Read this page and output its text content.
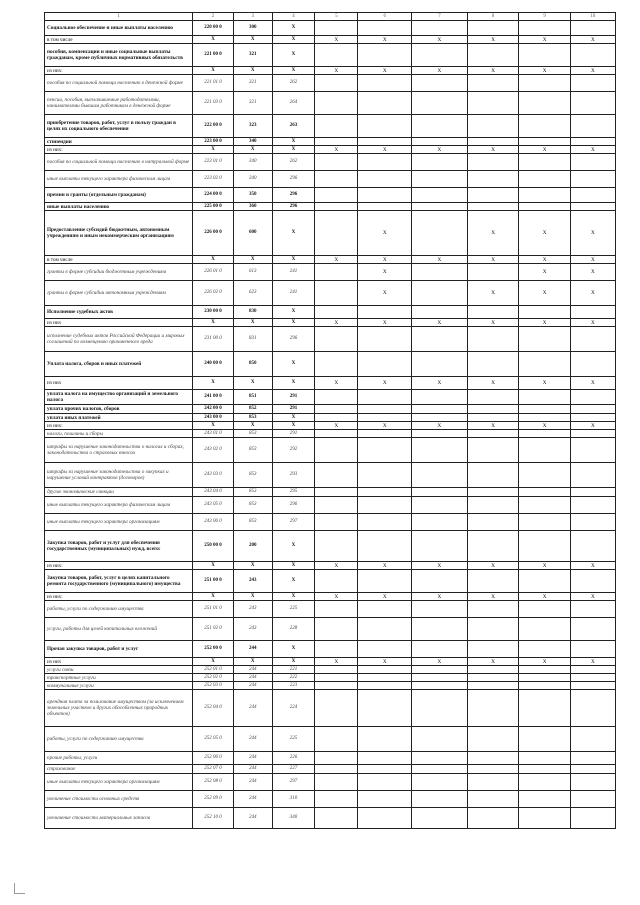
1	2	3	4	5	6	7	8	9	10
Социальное обеспечение и иные выплаты населению	220 00 0	300	X						
в том числе	X	X	X	X	X	X	X	X	X
пособия, компенсации и иные социальные выплаты гражданам, кроме публичных нормативных обязательств	221 00 0	321	X						
из них:	X	X	X	X	X	X	X	X	X
пособия по социальной помощи населению в денежной форме	221 01 0	321	262						
пенсии, пособия, выплачиваемые работодателями, нанимателями бывшим работникам в денежной форме	221 03 0	321	264						
приобретение товаров, работ, услуг в пользу граждан в целях их социального обеспечения	222 00 0	323	263						
стипендии	223 00 0	340	X						
из них:	X	X	X	X	X	X	X	X	X
пособия по социальной помощи населению в натуральной форме	223 01 0	340	262						
иные выплаты текущего характера физическим лицам	223 02 0	340	296						
премии и гранты (отдельным гражданам)	224 00 0	350	296						
иные выплаты населению	225 00 0	360	296						
Предоставление субсидий бюджетным, автономным учреждениям и иным некоммерческим организациям	226 00 0	600	X		X		X	X	X
в том числе	X	X	X	X	X	X	X	X	X
гранты в форме субсидии бюджетным учреждениям	226 01 0	613	241		X			X	X
гранты в форме субсидии автономным учреждениям	226 02 0	623	241		X		X	X	X
Исполнение судебных актов	230 00 0	830	X						
из них	X	X	X	X	X	X	X	X	X
исполнение судебных актов Российской Федерации и мировых соглашений по возмещению причиненного вреда	231 00 0	831	296						
Уплата налога, сборов и иных платежей	240 00 0	850	X						
из них	X	X	X	X	X	X	X	X	X
уплата налога на имущество организаций и земельного налога	241 00 0	851	291						
уплата прочих налогов, сборов	242 00 0	852	291						
уплата иных платежей	243 00 0	853	X						
из них:	X	X	X	X	X	X	X	X	X
налоги, пошлины и сборы	243 01 0	853	291						
штрафы за нарушение законодательства о налогах и сборах, законодательства о страховых взносах	243 02 0	853	292						
штрафы за нарушение законодательства о закупках и нарушение условий контрактов (договоров)	243 03 0	853	293						
другие экономические санкции	243 04 0	853	295						
иные выплаты текущего характера физическим лицам	243 05 0	853	296						
иные выплаты текущего характера организациям	243 06 0	853	297						
Закупка товаров, работ и услуг для обеспечения государственных (муниципальных) нужд, всего:	250 00 0	200	X						
из них:	X	X	X	X	X	X	X	X	X
Закупка товаров, работ, услуг в целях капитального ремонта государственного (муниципального) имущества	251 00 0	243	X						
из них:	X	X	X	X	X	X	X	X	X
работы, услуги по содержанию имущества	251 01 0	243	225						
услуги, работы для целей капитальных вложений	251 02 0	243	228						
Прочая закупка товаров, работ и услуг	252 00 0	244	X						
из них	X	X	X	X	X	X	X	X	X
услуги связи	252 01 0	244	221						
транспортные услуги	252 02 0	244	222						
коммунальные услуги	252 03 0	244	223						
арендная плата за пользование имуществом (за исключением земельных участков и других обособленных природных объектов)	252 04 0	244	224						
работы, услуги по содержанию имущества	252 05 0	244	225						
прочие работы, услуги	252 06 0	244	226						
страхование	252 07 0	244	227						
иные выплаты текущего характера организациям	252 08 0	244	297						
увеличение стоимости основных средств	252 09 0	244	310						
увеличение стоимости материальных запасов	252 10 0	244	340						
